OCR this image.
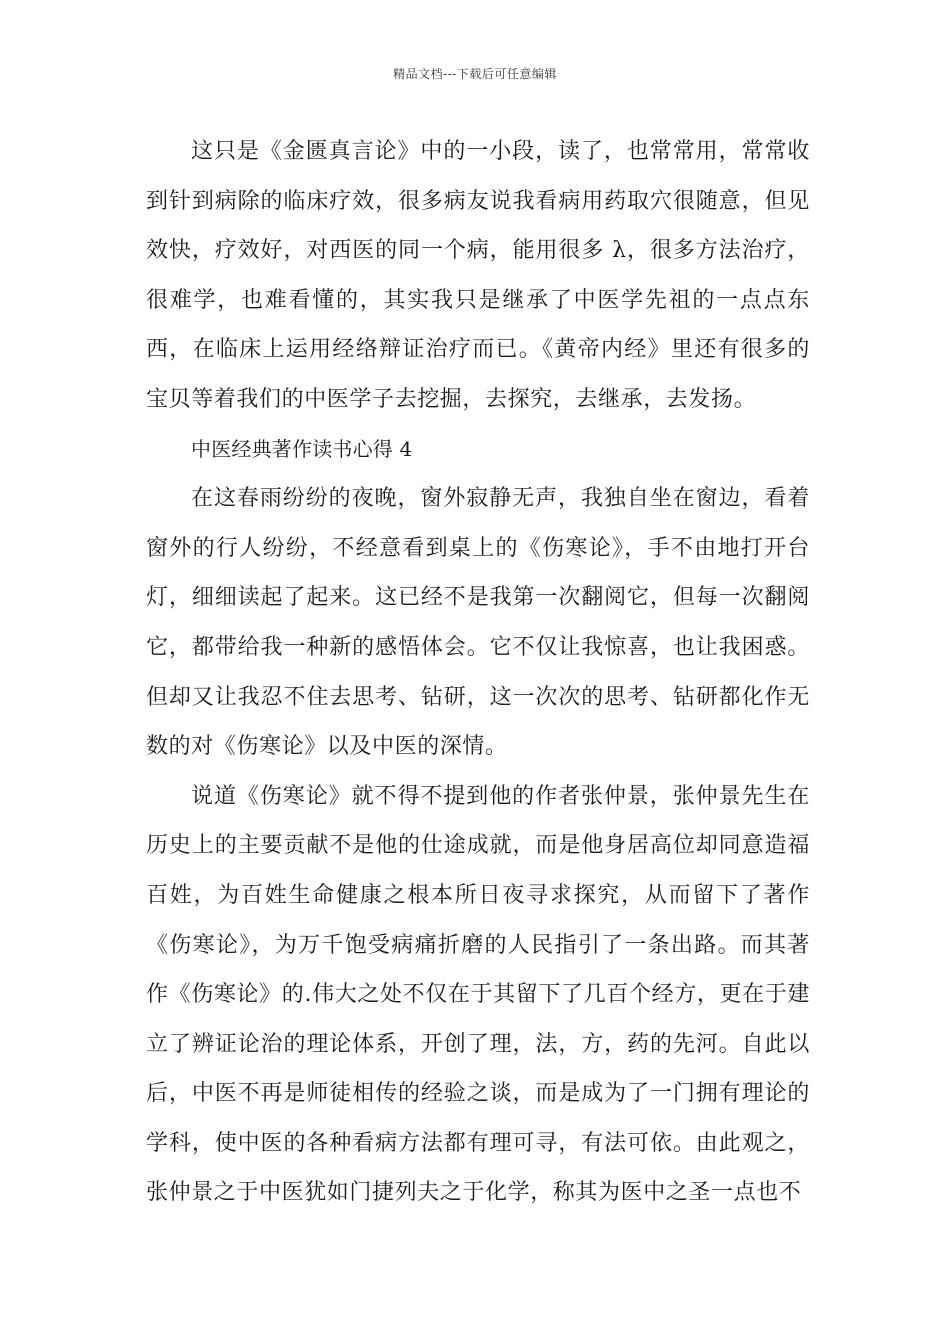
精品文档---下载后可任意编辑

这只是《金匮真言论》中的一小段，读了，也常常用，常常收到针到病除的临床疗效，很多病友说我看病用药取穴很随意，但见效快，疗效好，对西医的同一个病，能用很多 λ，很多方法治疗，很难学，也难看懂的，其实我只是继承了中医学先祖的一点点东西，在临床上运用经络辩证治疗而已。《黄帝内经》里还有很多的宝贝等着我们的中医学子去挖掘，去探究，去继承，去发扬。

中医经典著作读书心得 4

在这春雨纷纷的夜晚，窗外寂静无声，我独自坐在窗边，看着窗外的行人纷纷，不经意看到桌上的《伤寒论》，手不由地打开台灯，细细读起了起来。这已经不是我第一次翻阅它，但每一次翻阅它，都带给我一种新的感悟体会。它不仅让我惊喜，也让我困惑。但却又让我忍不住去思考、钻研，这一次次的思考、钻研都化作无数的对《伤寒论》以及中医的深情。

说道《伤寒论》就不得不提到他的作者张仲景，张仲景先生在历史上的主要贡献不是他的仕途成就，而是他身居高位却同意造福百姓，为百姓生命健康之根本所日夜寻求探究，从而留下了著作《伤寒论》，为万千饱受病痛折磨的人民指引了一条出路。而其著作《伤寒论》的.伟大之处不仅在于其留下了几百个经方，更在于建立了辨证论治的理论体系，开创了理，法，方，药的先河。自此以后，中医不再是师徒相传的经验之谈，而是成为了一门拥有理论的学科，使中医的各种看病方法都有理可寻，有法可依。由此观之，张仲景之于中医犹如门捷列夫之于化学，称其为医中之圣一点也不
